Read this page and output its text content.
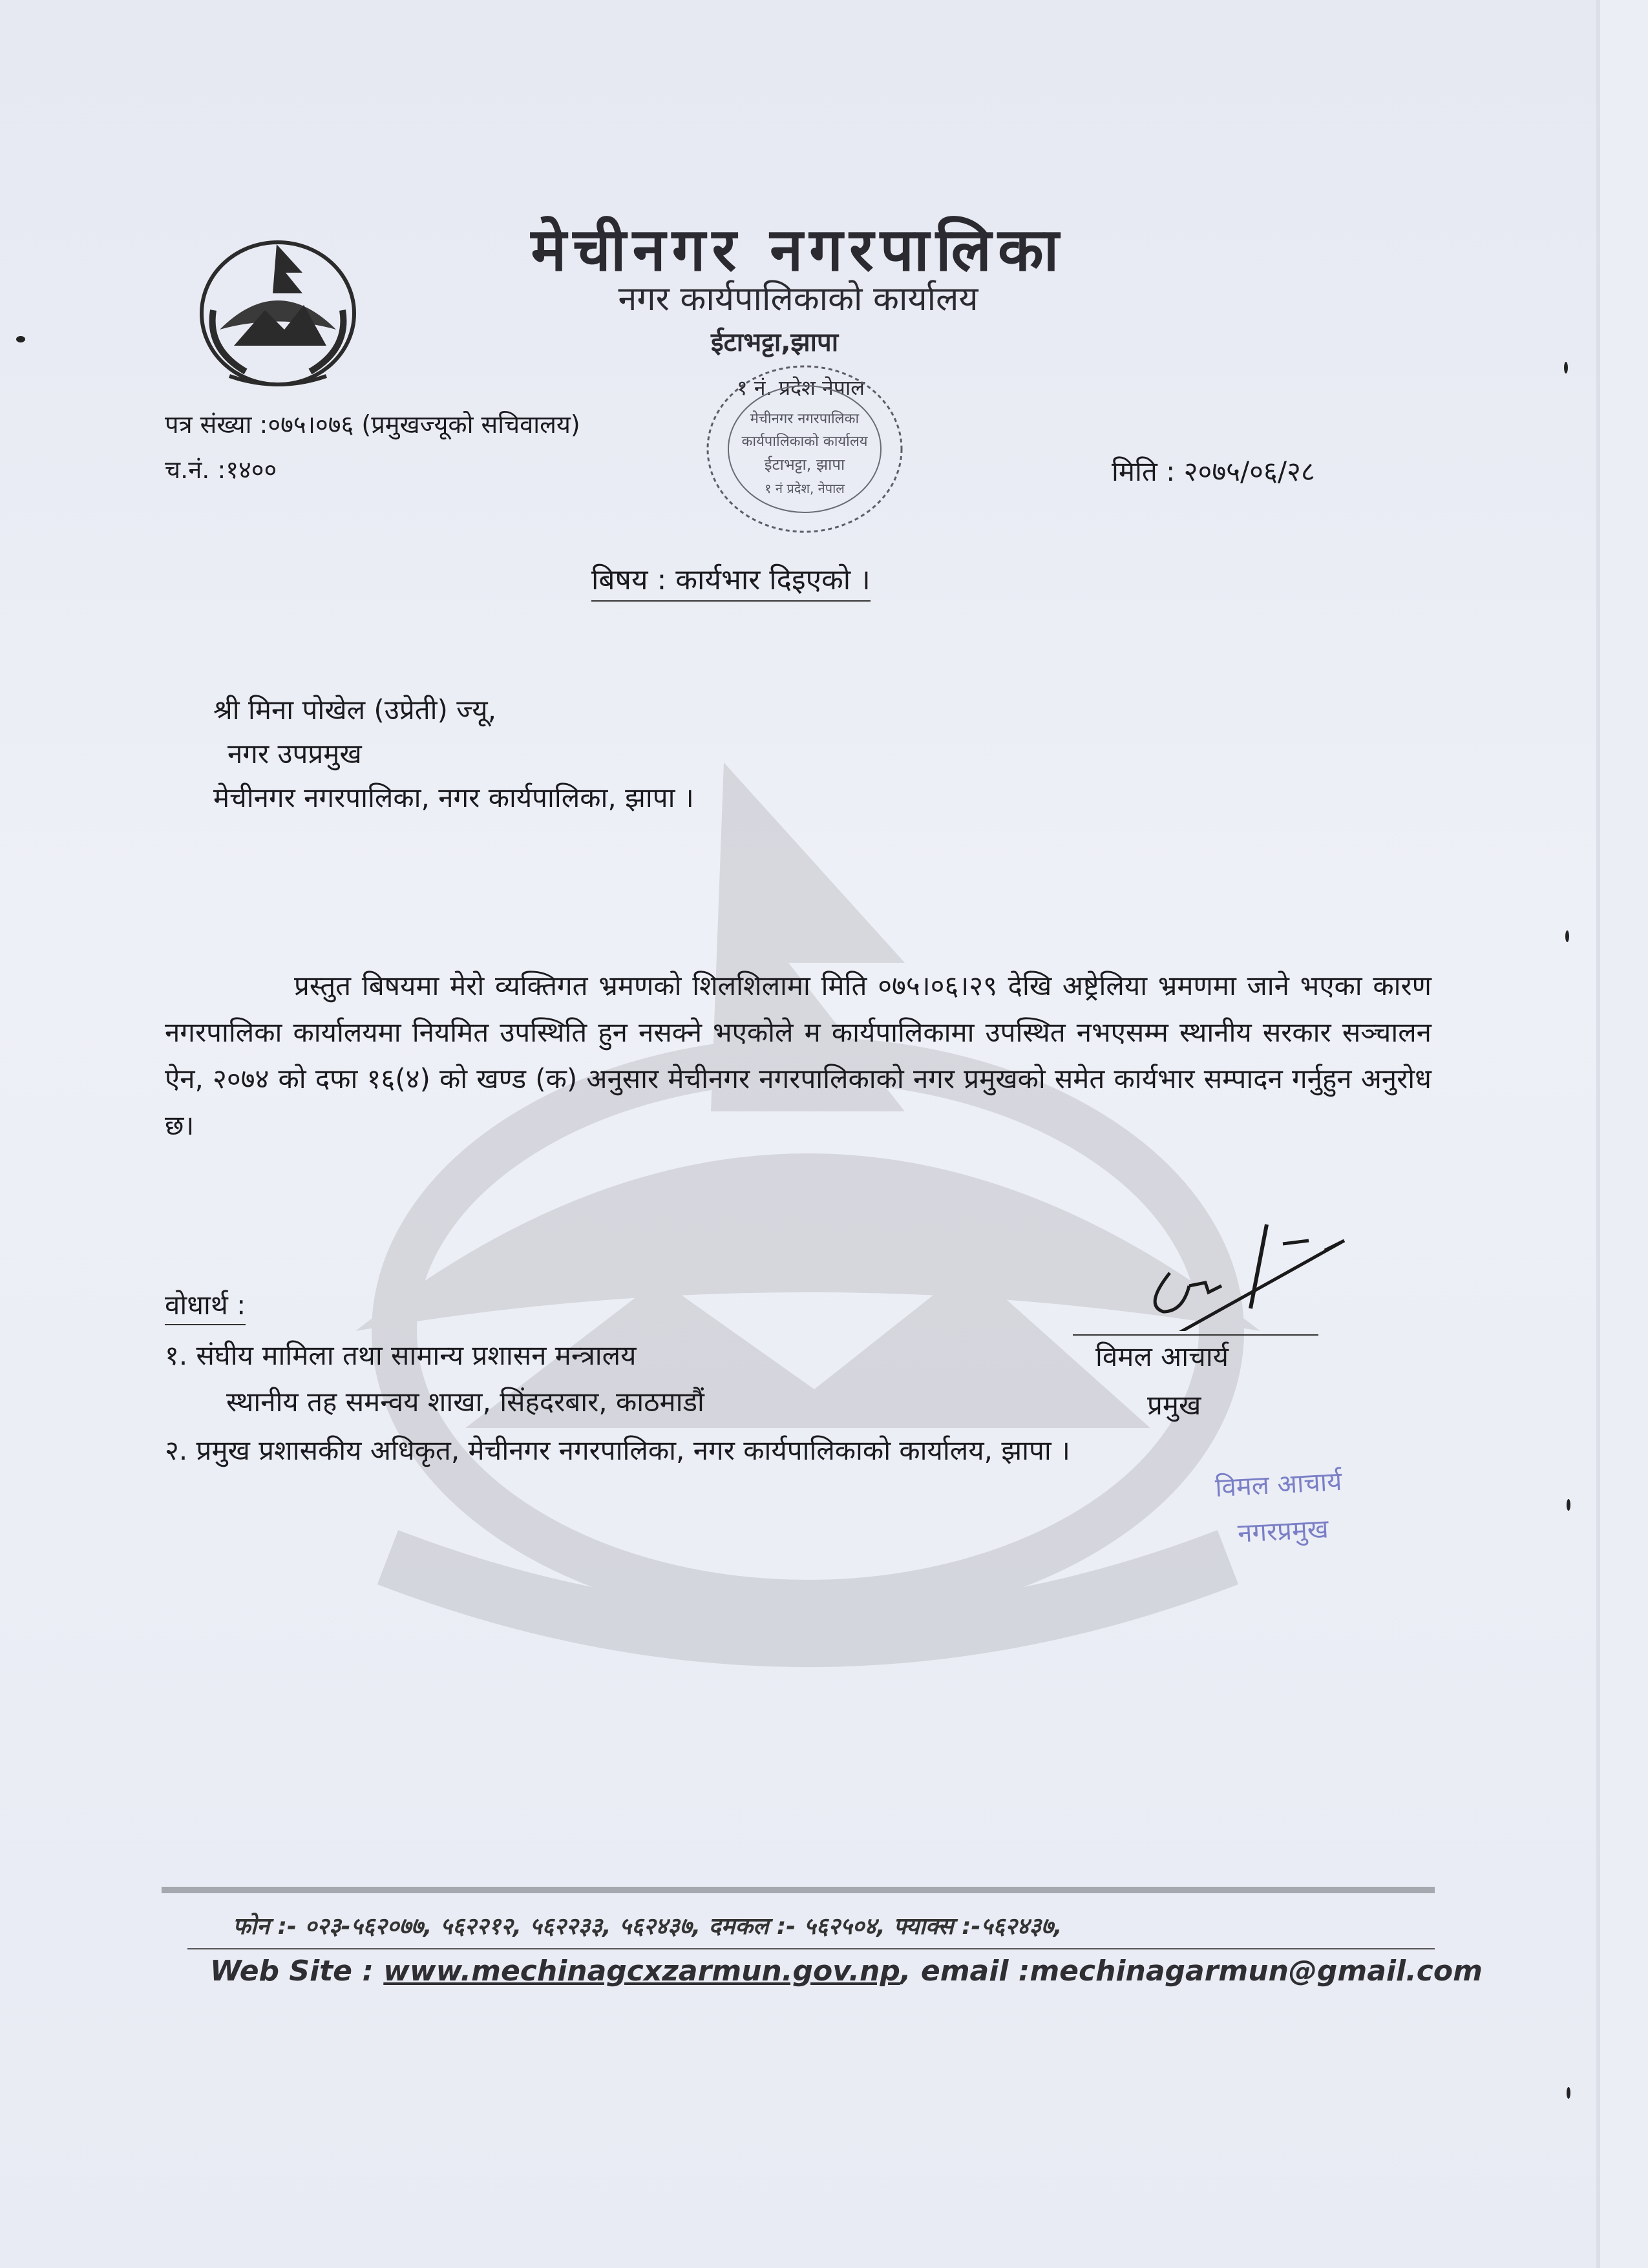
मेचीनगर नगरपालिका
नगर कार्यपालिकाको कार्यालय
ईटाभट्टा,झापा
१ नं. प्रदेश नेपाल
मेचीनगर नगरपालिका
कार्यपालिकाको कार्यालय
ईटाभट्टा, झापा
१ नं प्रदेश, नेपाल
पत्र संख्या :०७५।०७६ (प्रमुखज्यूको सचिवालय)
च.नं. :१४००	मिति : २०७५/०६/२८
बिषय : कार्यभार दिइएको ।
श्री मिना पोखेल (उप्रेती) ज्यू,
नगर उपप्रमुख
मेचीनगर नगरपालिका, नगर कार्यपालिका, झापा ।
प्रस्तुत बिषयमा मेरो व्यक्तिगत भ्रमणको शिलशिलामा मिति ०७५।०६।२९ देखि अष्ट्रेलिया भ्रमणमा जाने भएका कारण नगरपालिका कार्यालयमा नियमित उपस्थिति हुन नसक्ने भएकोले म कार्यपालिकामा उपस्थित नभएसम्म स्थानीय सरकार सञ्चालन ऐन, २०७४ को दफा १६(४) को खण्ड (क) अनुसार मेचीनगर नगरपालिकाको नगर प्रमुखको समेत कार्यभार सम्पादन गर्नुहुन अनुरोध छ।
विमल आचार्य
प्रमुख
विमल आचार्य
नगरप्रमुख
वोधार्थ :
१. संघीय मामिला तथा सामान्य प्रशासन मन्त्रालय
स्थानीय तह समन्वय शाखा, सिंहदरबार, काठमाडौं
२. प्रमुख प्रशासकीय अधिकृत, मेचीनगर नगरपालिका, नगर कार्यपालिकाको कार्यालय, झापा ।
फोन :- ०२३-५६२०७७, ५६२२१२, ५६२२३३, ५६२४३७, दमकल :- ५६२५०४, फ्याक्स :-५६२४३७,
Web Site : www.mechinagcxzarmun.gov.np, email :mechinagarmun@gmail.com
